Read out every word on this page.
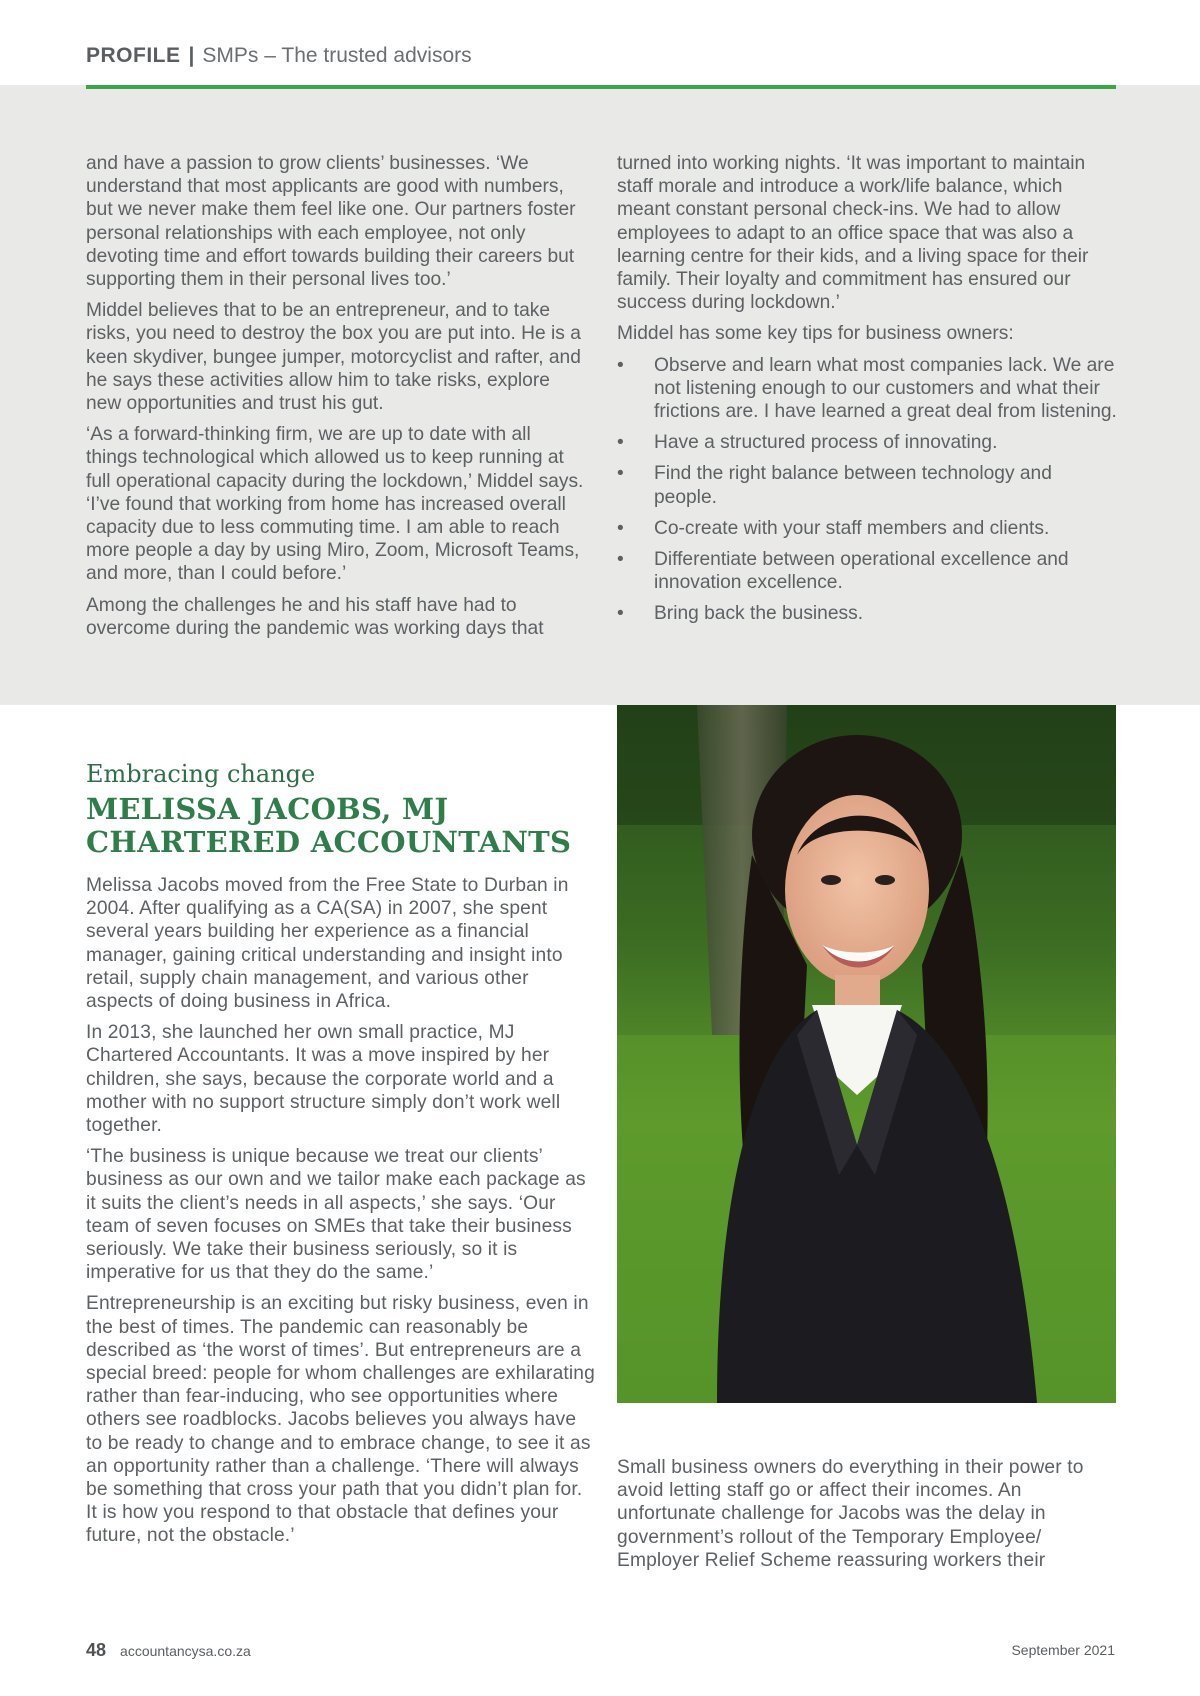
PROFILE | SMPs – The trusted advisors

and have a passion to grow clients’ businesses. ‘We understand that most applicants are good with numbers, but we never make them feel like one. Our partners foster personal relationships with each employee, not only devoting time and effort towards building their careers but supporting them in their personal lives too.’

Middel believes that to be an entrepreneur, and to take risks, you need to destroy the box you are put into. He is a keen skydiver, bungee jumper, motorcyclist and rafter, and he says these activities allow him to take risks, explore new opportunities and trust his gut.

‘As a forward-thinking firm, we are up to date with all things technological which allowed us to keep running at full operational capacity during the lockdown,’ Middel says. ‘I’ve found that working from home has increased overall capacity due to less commuting time. I am able to reach more people a day by using Miro, Zoom, Microsoft Teams, and more, than I could before.’

Among the challenges he and his staff have had to overcome during the pandemic was working days that

turned into working nights. ‘It was important to maintain staff morale and introduce a work/life balance, which meant constant personal check-ins. We had to allow employees to adapt to an office space that was also a learning centre for their kids, and a living space for their family. Their loyalty and commitment has ensured our success during lockdown.’

Middel has some key tips for business owners:

• Observe and learn what most companies lack. We are not listening enough to our customers and what their frictions are. I have learned a great deal from listening.
• Have a structured process of innovating.
• Find the right balance between technology and people.
• Co-create with your staff members and clients.
• Differentiate between operational excellence and innovation excellence.
• Bring back the business.
Embracing change
MELISSA JACOBS, MJ CHARTERED ACCOUNTANTS

Melissa Jacobs moved from the Free State to Durban in 2004. After qualifying as a CA(SA) in 2007, she spent several years building her experience as a financial manager, gaining critical understanding and insight into retail, supply chain management, and various other aspects of doing business in Africa.

In 2013, she launched her own small practice, MJ Chartered Accountants. It was a move inspired by her children, she says, because the corporate world and a mother with no support structure simply don’t work well together.

‘The business is unique because we treat our clients’ business as our own and we tailor make each package as it suits the client’s needs in all aspects,’ she says. ‘Our team of seven focuses on SMEs that take their business seriously. We take their business seriously, so it is imperative for us that they do the same.’

Entrepreneurship is an exciting but risky business, even in the best of times. The pandemic can reasonably be described as ‘the worst of times’. But entrepreneurs are a special breed: people for whom challenges are exhilarating rather than fear-inducing, who see opportunities where others see roadblocks. Jacobs believes you always have to be ready to change and to embrace change, to see it as an opportunity rather than a challenge. ‘There will always be something that cross your path that you didn’t plan for. It is how you respond to that obstacle that defines your future, not the obstacle.’

Small business owners do everything in their power to avoid letting staff go or affect their incomes. An unfortunate challenge for Jacobs was the delay in government’s rollout of the Temporary Employee/ Employer Relief Scheme reassuring workers their

48 accountancysa.co.za	September 2021
